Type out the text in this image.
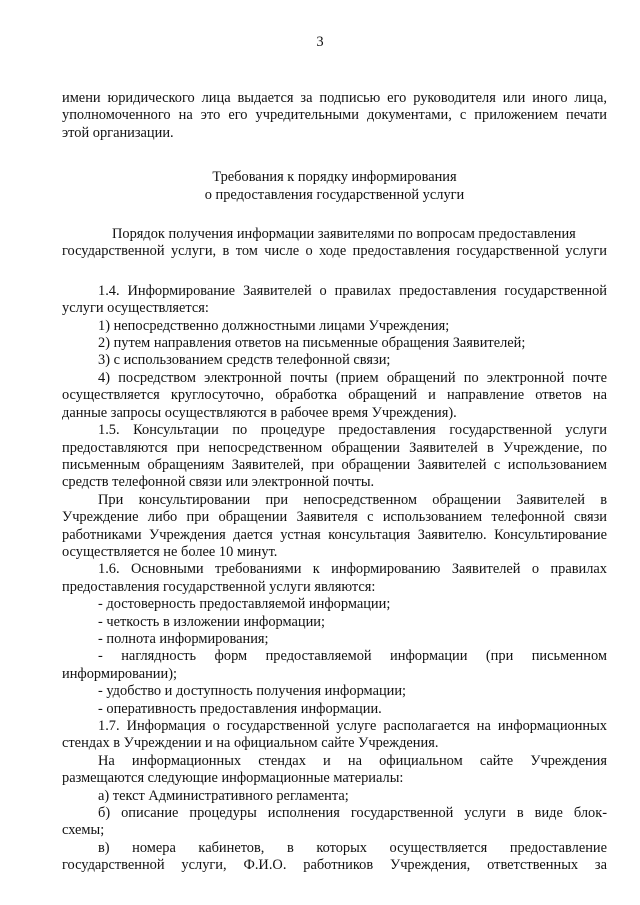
3

имени юридического лица выдается за подписью его руководителя или иного лица,
уполномоченного на это его учредительными документами, с приложением печати
этой организации.

Требования к порядку информирования
о предоставления государственной услуги

Порядок получения информации заявителями по вопросам предоставления
государственной услуги, в том числе о ходе предоставления государственной услуги

1.4. Информирование Заявителей о правилах предоставления государственной
услуги осуществляется:

1) непосредственно должностными лицами Учреждения;

2) путем направления ответов на письменные обращения Заявителей;

3) с использованием средств телефонной связи;

4) посредством электронной почты (прием обращений по электронной почте
осуществляется круглосуточно, обработка обращений и направление ответов на
данные запросы осуществляются в рабочее время Учреждения).

1.5. Консультации по процедуре предоставления государственной услуги
предоставляются при непосредственном обращении Заявителей в Учреждение, по
письменным обращениям Заявителей, при обращении Заявителей с использованием
средств телефонной связи или электронной почты.

При консультировании при непосредственном обращении Заявителей в
Учреждение либо при обращении Заявителя с использованием телефонной связи
работниками Учреждения дается устная консультация Заявителю. Консультирование
осуществляется не более 10 минут.

1.6. Основными требованиями к информированию Заявителей о правилах
предоставления государственной услуги являются:

- достоверность предоставляемой информации;

- четкость в изложении информации;

- полнота информирования;

- наглядность форм предоставляемой информации (при письменном
информировании);

- удобство и доступность получения информации;

- оперативность предоставления информации.

1.7. Информация о государственной услуге располагается на информационных
стендах в Учреждении и на официальном сайте Учреждения.

На информационных стендах и на официальном сайте Учреждения
размещаются следующие информационные материалы:

а) текст Административного регламента;

б) описание процедуры исполнения государственной услуги в виде блок-
схемы;

в) номера кабинетов, в которых осуществляется предоставление
государственной услуги, Ф.И.О. работников Учреждения, ответственных за
